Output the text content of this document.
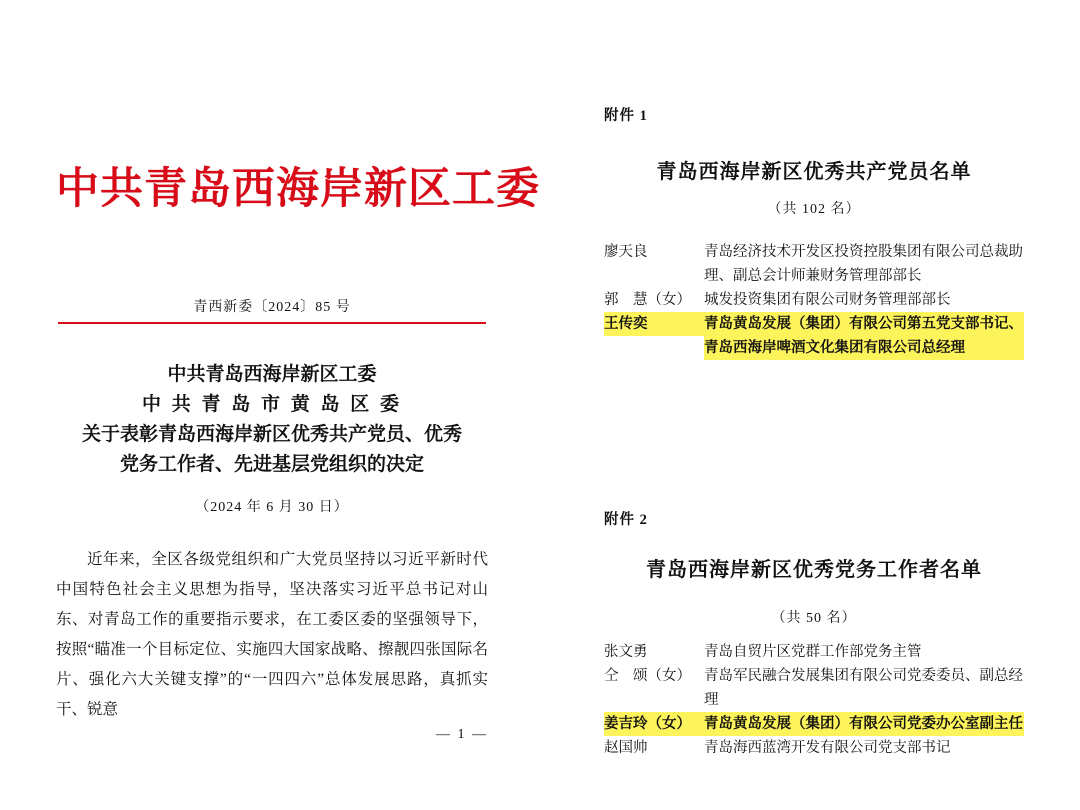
中共青岛西海岸新区工委
青西新委〔2024〕85 号
中共青岛西海岸新区工委
中 共 青 岛 市 黄 岛 区 委
关于表彰青岛西海岸新区优秀共产党员、优秀
党务工作者、先进基层党组织的决定
（2024 年 6 月 30 日）

近年来，全区各级党组织和广大党员坚持以习近平新时代中国特色社会主义思想为指导，坚决落实习近平总书记对山东、对青岛工作的重要指示要求，在工委区委的坚强领导下，按照“瞄准一个目标定位、实施四大国家战略、擦靓四张国际名片、强化六大关键支撑”的“一四四六”总体发展思路，真抓实干、锐意

— 1 —
附件 1
青岛西海岸新区优秀共产党员名单
（共 102 名）
廖天良	青岛经济技术开发区投资控股集团有限公司总裁助理、副总会计师兼财务管理部部长
郭　慧（女） 城发投资集团有限公司财务管理部部长
王传奕	青岛黄岛发展（集团）有限公司第五党支部书记、青岛西海岸啤酒文化集团有限公司总经理
附件 2
青岛西海岸新区优秀党务工作者名单
（共 50 名）
张文勇	青岛自贸片区党群工作部党务主管
仝　颂（女） 青岛军民融合发展集团有限公司党委委员、副总经理
姜吉玲（女） 青岛黄岛发展（集团）有限公司党委办公室副主任
赵国帅	青岛海西蓝湾开发有限公司党支部书记
